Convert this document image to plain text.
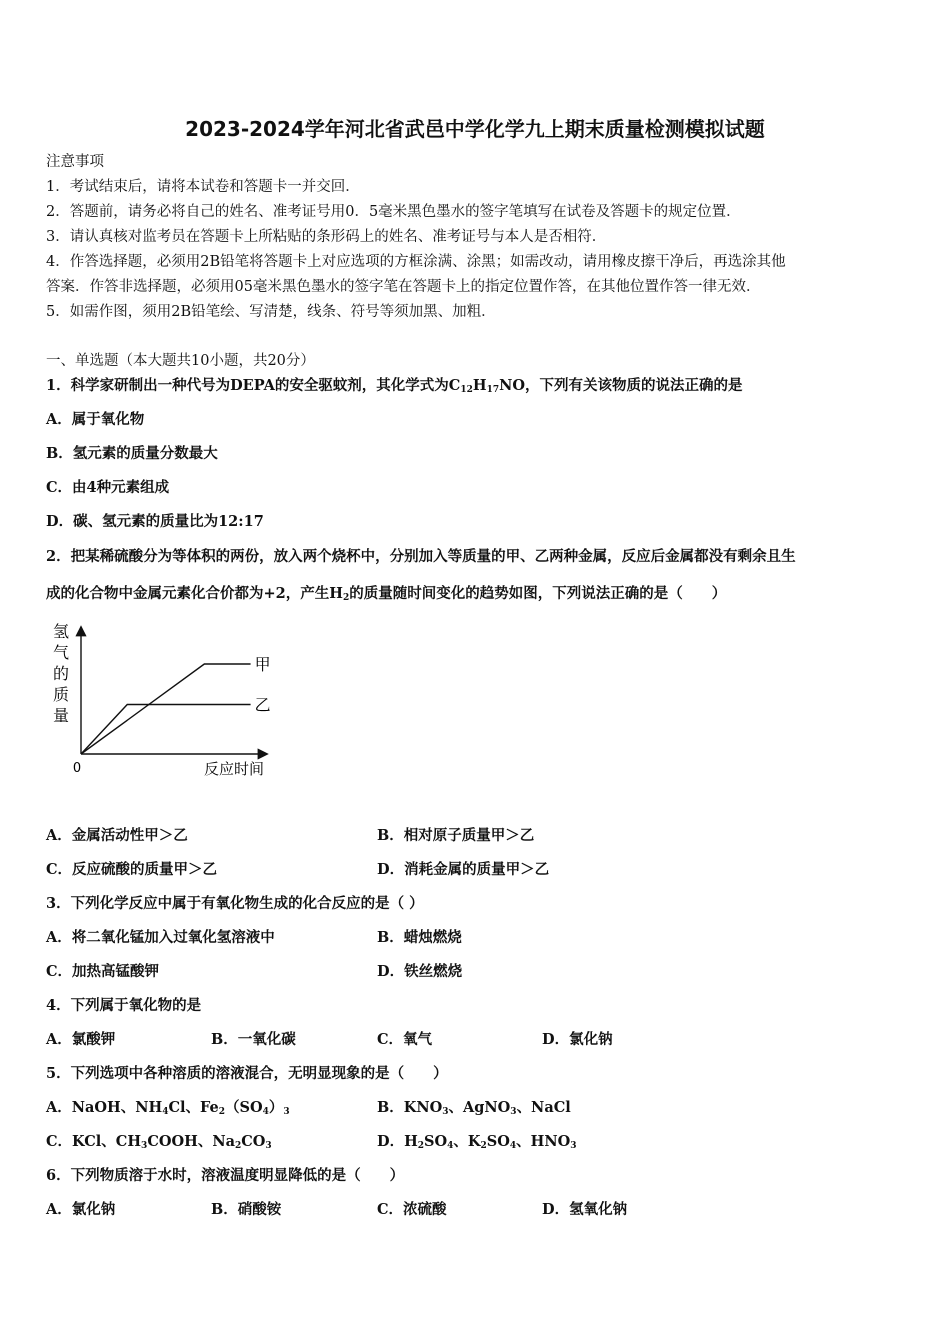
2023-2024学年河北省武邑中学化学九上期末质量检测模拟试题
注意事项
1．考试结束后，请将本试卷和答题卡一并交回．
2．答题前，请务必将自己的姓名、准考证号用0．5毫米黑色墨水的签字笔填写在试卷及答题卡的规定位置．
3．请认真核对监考员在答题卡上所粘贴的条形码上的姓名、准考证号与本人是否相符．
4．作答选择题，必须用2B铅笔将答题卡上对应选项的方框涂满、涂黑；如需改动，请用橡皮擦干净后，再选涂其他
答案．作答非选择题，必须用05毫米黑色墨水的签字笔在答题卡上的指定位置作答，在其他位置作答一律无效．
5．如需作图，须用2B铅笔绘、写清楚，线条、符号等须加黑、加粗．
一、单选题（本大题共10小题，共20分）
1．科学家研制出一种代号为DEPA的安全驱蚊剂，其化学式为$C_{12}H_{17}NO$，下列有关该物质的说法正确的是
A．属于氧化物
B．氢元素的质量分数最大
C．由4种元素组成
D．碳、氢元素的质量比为12:17
2．把某稀硫酸分为等体积的两份，放入两个烧杯中，分别加入等质量的甲、乙两种金属，反应后金属都没有剩余且生
成的化合物中金属元素化合价都为+2，产生$H_2$的质量随时间变化的趋势如图，下列说法正确的是（　　）
氢
气
的
质
量
0	反应时间
甲
乙
A．金属活动性甲＞乙	B．相对原子质量甲＞乙
C．反应硫酸的质量甲＞乙	D．消耗金属的质量甲＞乙
3．下列化学反应中属于有氧化物生成的化合反应的是（ ）
A．将二氧化锰加入过氧化氢溶液中	B．蜡烛燃烧
C．加热高锰酸钾	D．铁丝燃烧
4．下列属于氧化物的是
A．氯酸钾	B．一氧化碳	C．氧气	D．氯化钠
5．下列选项中各种溶质的溶液混合，无明显现象的是（　　）
A．NaOH、$NH_4Cl$、$Fe_2(SO_4)_3$	B．$KNO_3$、AgNO$_3$、NaCl
C．KCl、$CH_3COOH$、$Na_2CO_3$	D．$H_2SO_4$、$K_2SO_4$、$HNO_3$
6．下列物质溶于水时，溶液温度明显降低的是（　　）
A．氯化钠	B．硝酸铵	C．浓硫酸	D．氢氧化钠
